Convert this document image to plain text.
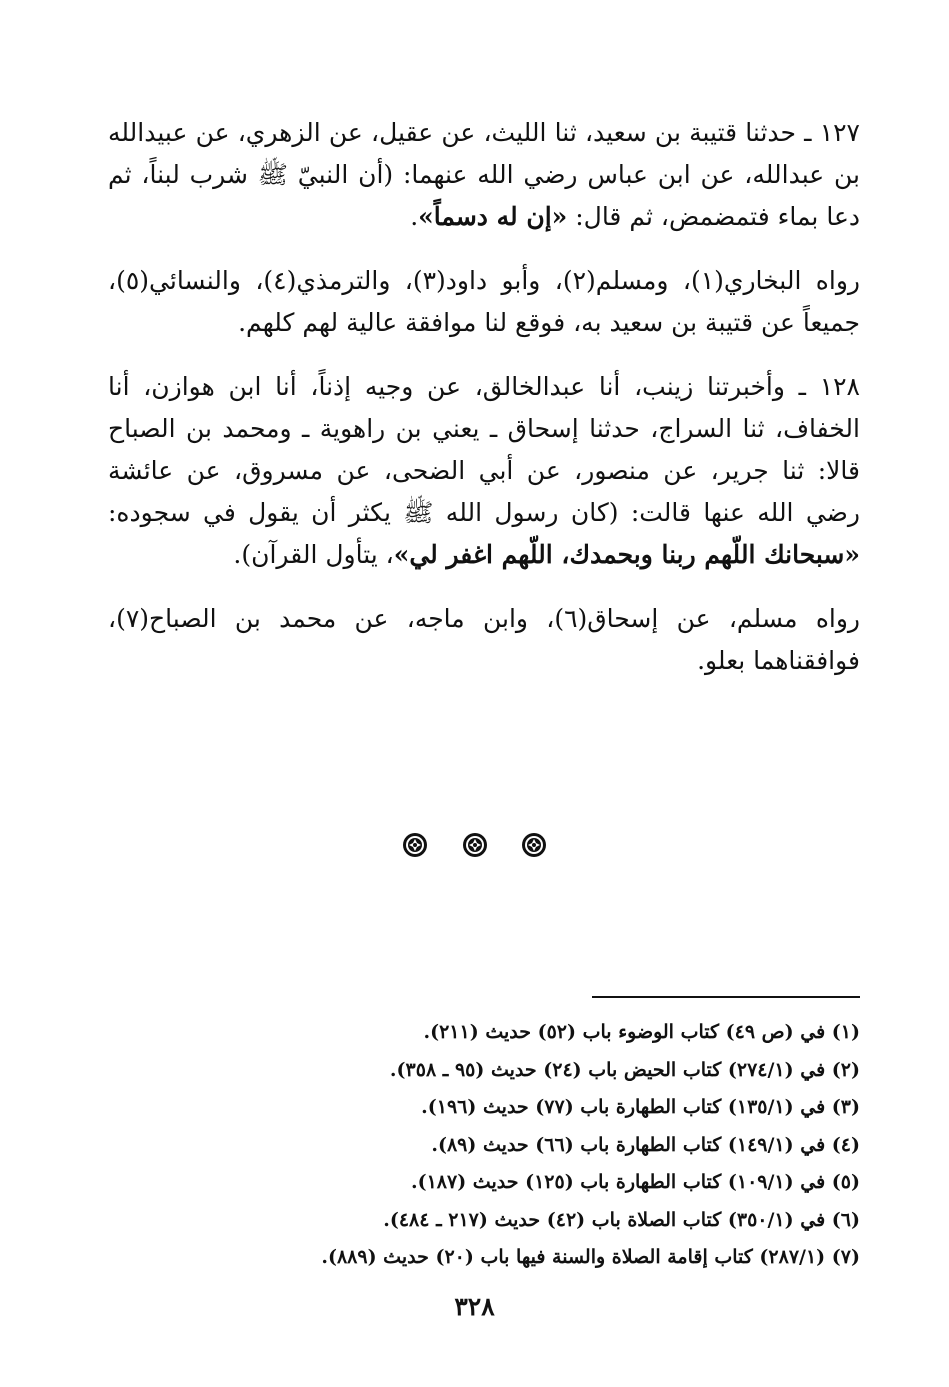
١٢٧ ـ حدثنا قتيبة بن سعيد، ثنا الليث، عن عقيل، عن الزهري، عن عبيدالله بن عبدالله، عن ابن عباس رضي الله عنهما: (أن النبيّ ﷺ شرب لبناً، ثم دعا بماء فتمضمض، ثم قال: «إن له دسماً».

رواه البخاري(١)، ومسلم(٢)، وأبو داود(٣)، والترمذي(٤)، والنسائي(٥)، جميعاً عن قتيبة بن سعيد به، فوقع لنا موافقة عالية لهم كلهم.

١٢٨ ـ وأخبرتنا زينب، أنا عبدالخالق، عن وجيه إذناً، أنا ابن هوازن، أنا الخفاف، ثنا السراج، حدثنا إسحاق ـ يعني بن راهوية ـ ومحمد بن الصباح قالا: ثنا جرير، عن منصور، عن أبي الضحى، عن مسروق، عن عائشة رضي الله عنها قالت: (كان رسول الله ﷺ يكثر أن يقول في سجوده: «سبحانك اللّهم ربنا وبحمدك، اللّهم اغفر لي»، يتأول القرآن).

رواه مسلم، عن إسحاق(٦)، وابن ماجه، عن محمد بن الصباح(٧)، فوافقناهما بعلو.

(١) في (ص ٤٩) كتاب الوضوء باب (٥٢) حديث (٢١١).
(٢) في (٢٧٤/١) كتاب الحيض باب (٢٤) حديث (٩٥ ـ ٣٥٨).
(٣) في (١٣٥/١) كتاب الطهارة باب (٧٧) حديث (١٩٦).
(٤) في (١٤٩/١) كتاب الطهارة باب (٦٦) حديث (٨٩).
(٥) في (١٠٩/١) كتاب الطهارة باب (١٢٥) حديث (١٨٧).
(٦) في (٣٥٠/١) كتاب الصلاة باب (٤٢) حديث (٢١٧ ـ ٤٨٤).
(٧) (٢٨٧/١) كتاب إقامة الصلاة والسنة فيها باب (٢٠) حديث (٨٨٩).
٣٢٨
